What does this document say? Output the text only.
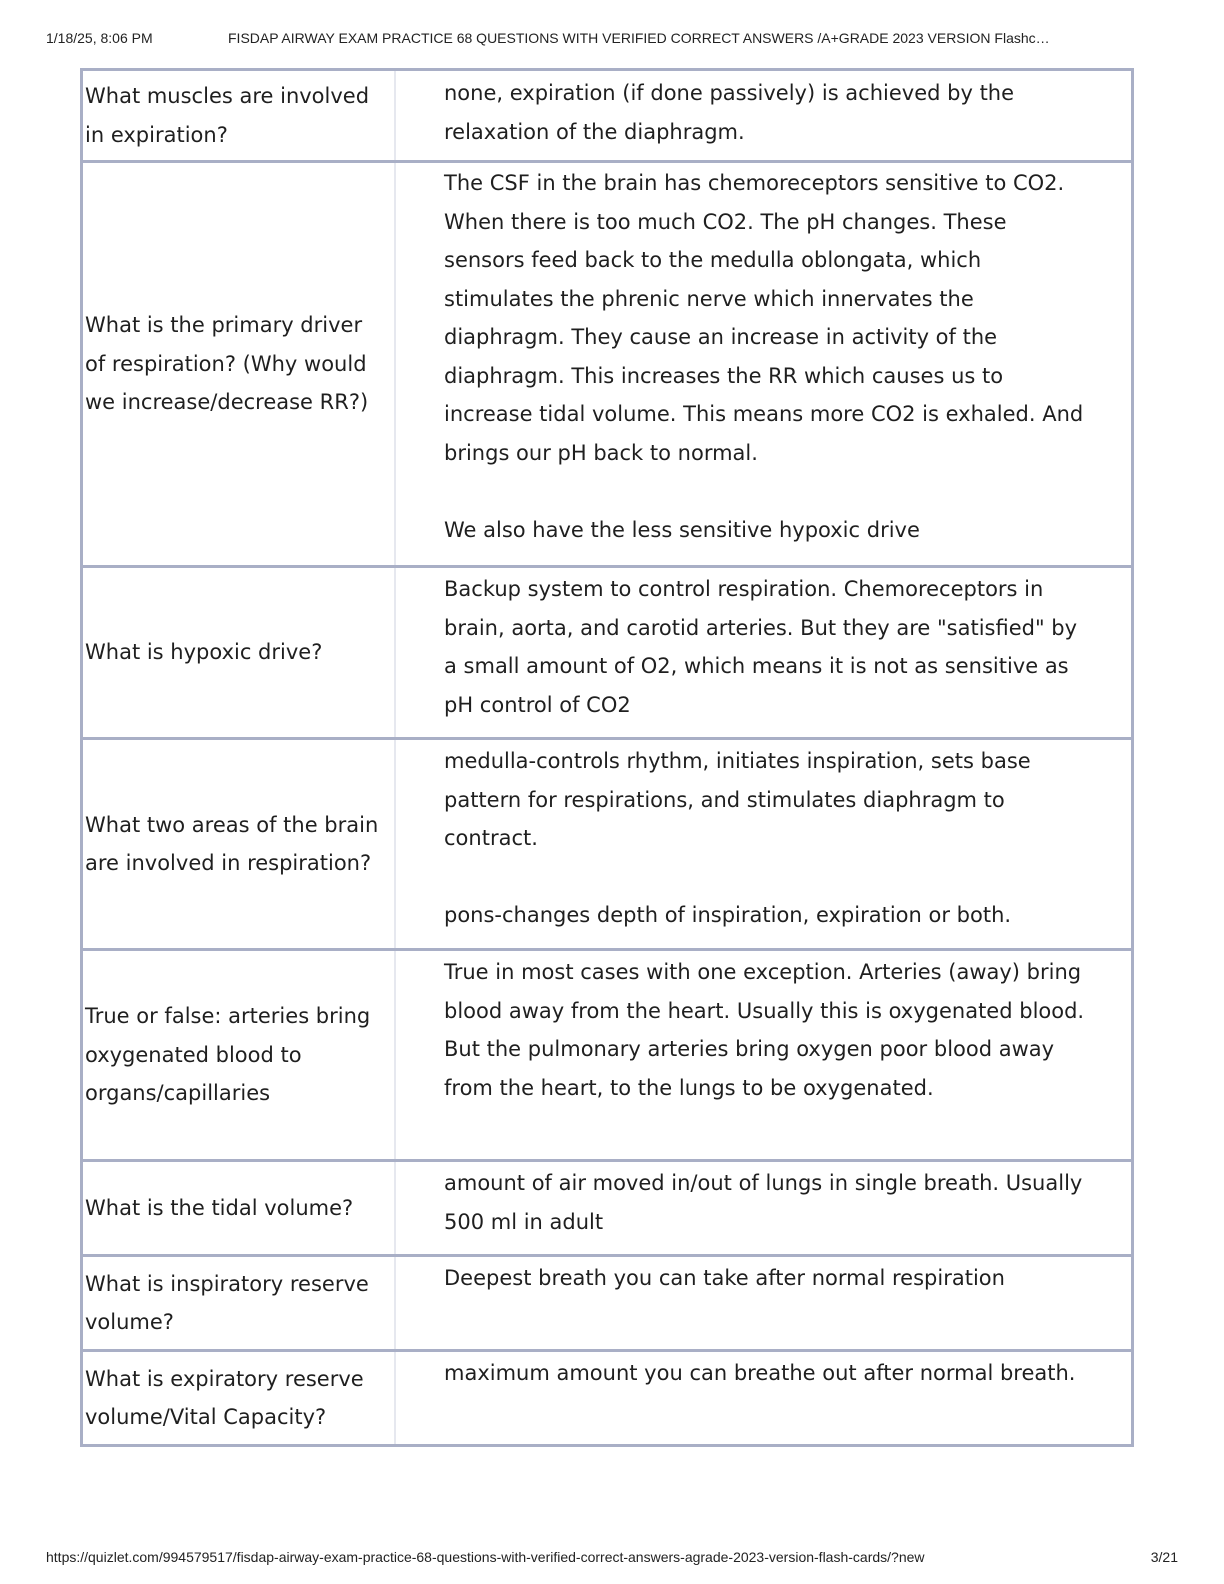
1/18/25, 8:06 PM	FISDAP AIRWAY EXAM PRACTICE 68 QUESTIONS WITH VERIFIED CORRECT ANSWERS /A+GRADE 2023 VERSION Flashc…
What muscles are involved in expiration?
none, expiration (if done passively) is achieved by the relaxation of the diaphragm.
What is the primary driver of respiration? (Why would we increase/decrease RR?)
The CSF in the brain has chemoreceptors sensitive to CO2. When there is too much CO2. The pH changes. These sensors feed back to the medulla oblongata, which stimulates the phrenic nerve which innervates the diaphragm. They cause an increase in activity of the diaphragm. This increases the RR which causes us to increase tidal volume. This means more CO2 is exhaled. And brings our pH back to normal.

We also have the less sensitive hypoxic drive
What is hypoxic drive?
Backup system to control respiration. Chemoreceptors in brain, aorta, and carotid arteries. But they are "satisfied" by a small amount of O2, which means it is not as sensitive as pH control of CO2
What two areas of the brain are involved in respiration?
medulla-controls rhythm, initiates inspiration, sets base pattern for respirations, and stimulates diaphragm to contract.

pons-changes depth of inspiration, expiration or both.
True or false: arteries bring oxygenated blood to organs/capillaries
True in most cases with one exception. Arteries (away) bring blood away from the heart. Usually this is oxygenated blood. But the pulmonary arteries bring oxygen poor blood away from the heart, to the lungs to be oxygenated.
What is the tidal volume?
amount of air moved in/out of lungs in single breath. Usually 500 ml in adult
What is inspiratory reserve volume?
Deepest breath you can take after normal respiration
What is expiratory reserve volume/Vital Capacity?
maximum amount you can breathe out after normal breath.
https://quizlet.com/994579517/fisdap-airway-exam-practice-68-questions-with-verified-correct-answers-agrade-2023-version-flash-cards/?new	3/21
